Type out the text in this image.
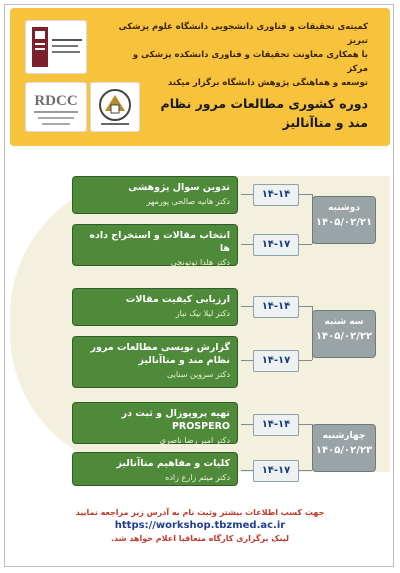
RDCC
کمیته‌ی تحقیقات و فناوری دانشجویی دانشگاه علوم پزشکی تبریز
با همکاری معاونت تحقیقات و فناوری دانشکده پزشکی و مرکز
توسعه و هماهنگی پژوهش دانشگاه برگزار میکند
دوره کشوری مطالعات مرور نظام مند و متاآنالیز
دوشنبه
۱۴۰۵/۰۲/۲۱
سه شنبه
۱۴۰۵/۰۲/۲۲
چهارشنبه
۱۴۰۵/۰۲/۲۳
۱۴-۱۴
۱۴-۱۷
۱۴-۱۴
۱۴-۱۷
۱۴-۱۴
۱۴-۱۷
تدوین سوال پژوهشی
دکتر هانیه صالحی پورمهر
انتخاب مقالات و استخراج داده ها
دکتر هلدا توتونچی
ارزیابی کیفیت مقالات
دکتر لیلا نیک نیاز
گزارش نویسی مطالعات مرور نظام مند و متاآنالیز
دکتر سروین سنایی
تهیه پروپوزال و ثبت در PROSPERO
دکتر امیر رضا ناصری
کلیات و مفاهیم متاآنالیز
دکتر میثم زارع زاده
جهت کسب اطلاعات بیشتر وثبت نام به آدرس زیر مراجعه نمایید
https://workshop.tbzmed.ac.ir
لینک برگزاری کارگاه متعاقبا اعلام خواهد شد.
